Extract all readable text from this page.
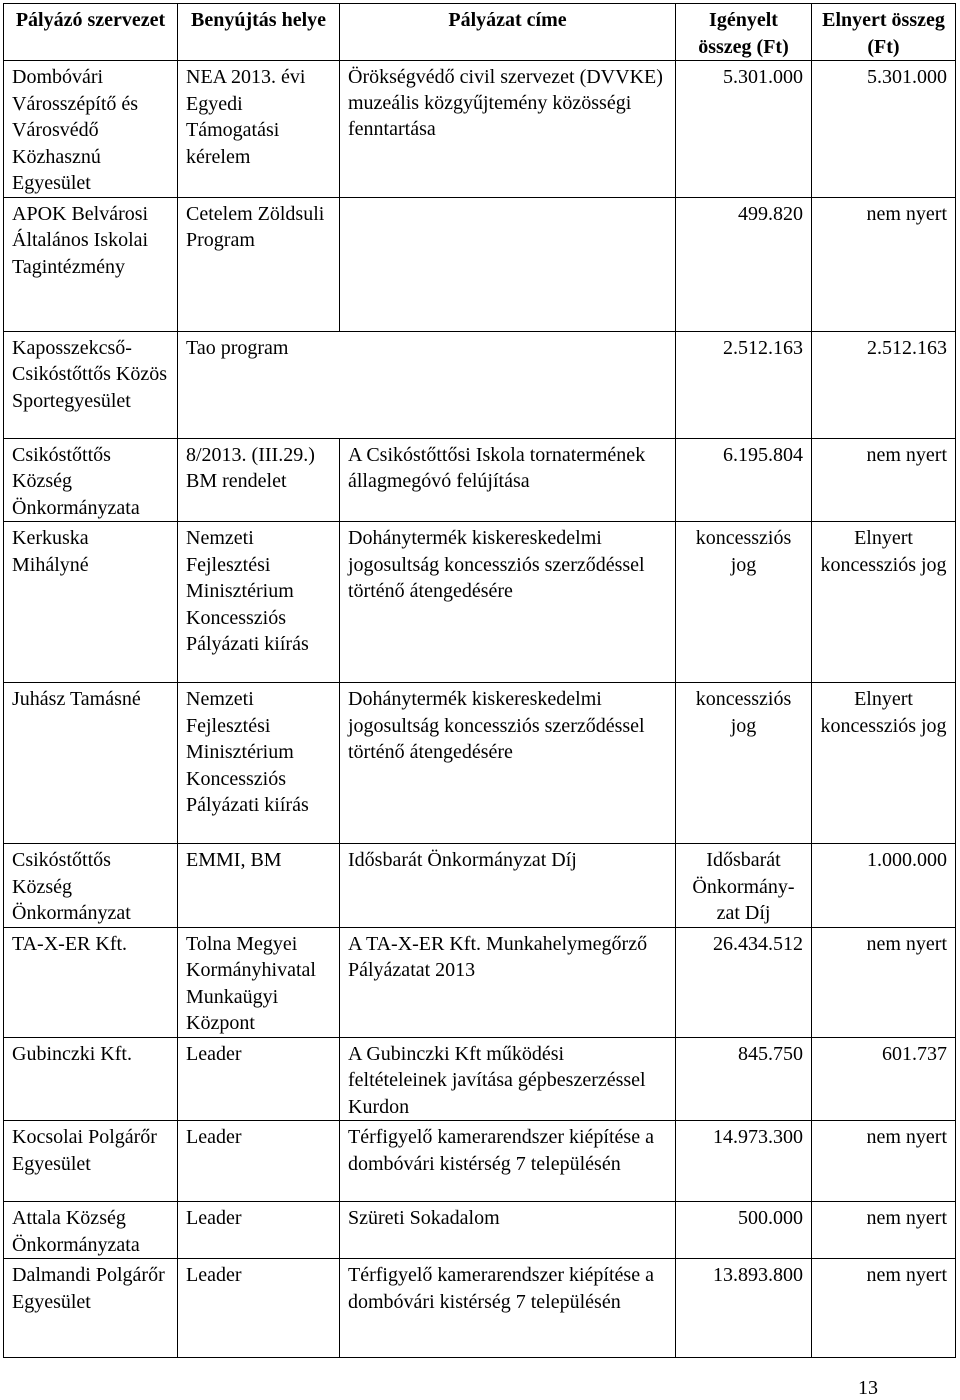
Pályázó szervezet	Benyújtás helye	Pályázat címe	Igényelt összeg (Ft)	Elnyert összeg (Ft)
Dombóvári Városszépítő és Városvédő Közhasznú Egyesület	NEA 2013. évi Egyedi Támogatási kérelem	Örökségvédő civil szervezet (DVVKE) muzeális közgyűjtemény közösségi fenntartása	5.301.000	5.301.000
APOK Belvárosi Általános Iskolai Tagintézmény	Cetelem Zöldsuli Program		499.820	nem nyert
Kaposszekcső-Csikóstőttős Közös Sportegyesület	Tao program		2.512.163	2.512.163
Csikóstőttős Község Önkormányzata	8/2013. (III.29.) BM rendelet	A Csikóstőttősi Iskola tornatermének állagmegóvó felújítása	6.195.804	nem nyert
Kerkuska Mihályné	Nemzeti Fejlesztési Minisztérium Koncessziós Pályázati kiírás	Dohánytermék kiskereskedelmi jogosultság koncessziós szerződéssel történő átengedésére	koncessziós jog	Elnyert koncessziós jog
Juhász Tamásné	Nemzeti Fejlesztési Minisztérium Koncessziós Pályázati kiírás	Dohánytermék kiskereskedelmi jogosultság koncessziós szerződéssel történő átengedésére	koncessziós jog	Elnyert koncessziós jog
Csikóstőttős Község Önkormányzat	EMMI, BM	Idősbarát Önkormányzat Díj	Idősbarát Önkormány-zat Díj	1.000.000
TA-X-ER Kft.	Tolna Megyei Kormányhivatal Munkaügyi Központ	A TA-X-ER Kft. Munkahelymegőrző Pályázatat 2013	26.434.512	nem nyert
Gubinczki Kft.	Leader	A Gubinczki Kft működési feltételeinek javítása gépbeszerzéssel Kurdon	845.750	601.737
Kocsolai Polgárőr Egyesület	Leader	Térfigyelő kamerarendszer kiépítése a dombóvári kistérség 7 településén	14.973.300	nem nyert
Attala Község Önkormányzata	Leader	Szüreti Sokadalom	500.000	nem nyert
Dalmandi Polgárőr Egyesület	Leader	Térfigyelő kamerarendszer kiépítése a dombóvári kistérség 7 településén	13.893.800	nem nyert
13
